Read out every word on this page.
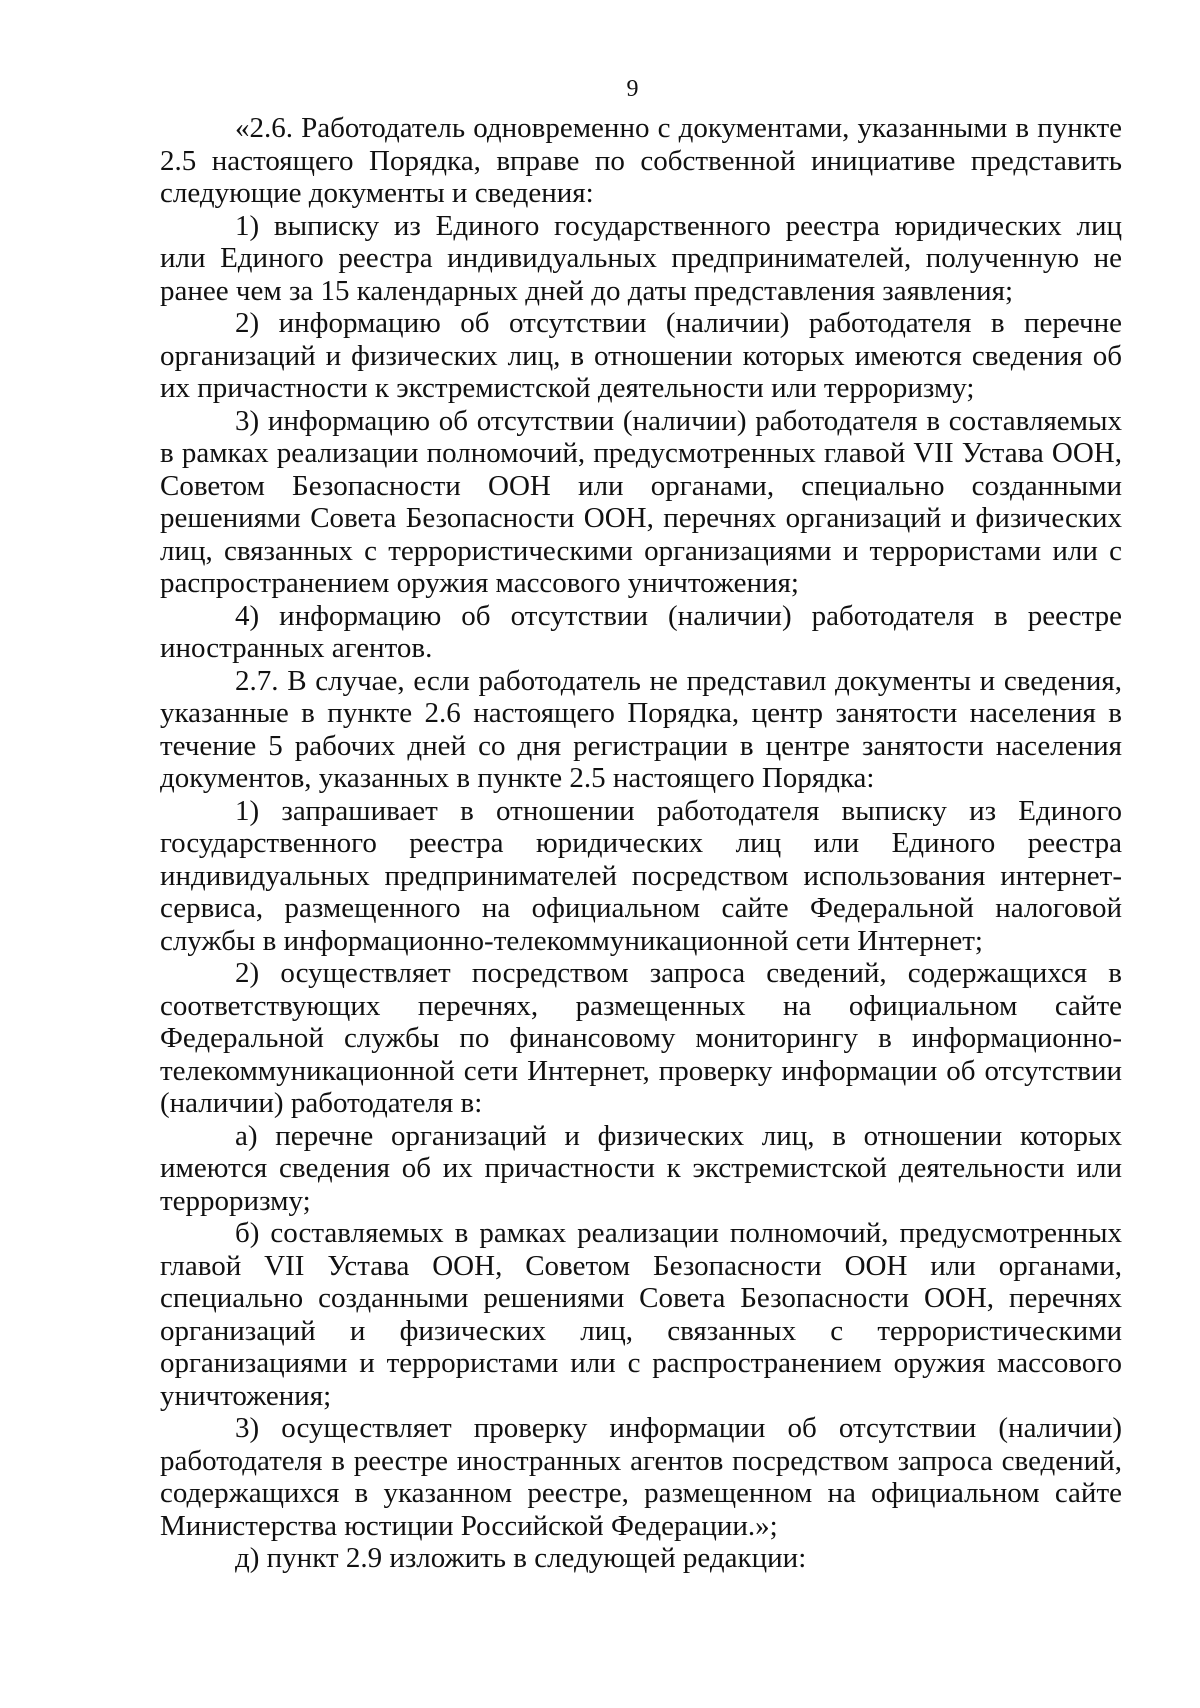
9

«2.6. Работодатель одновременно с документами, указанными в пункте 2.5 настоящего Порядка, вправе по собственной инициативе представить следующие документы и сведения:

1) выписку из Единого государственного реестра юридических лиц или Единого реестра индивидуальных предпринимателей, полученную не ранее чем за 15 календарных дней до даты представления заявления;

2) информацию об отсутствии (наличии) работодателя в перечне организаций и физических лиц, в отношении которых имеются сведения об их причастности к экстремистской деятельности или терроризму;

3) информацию об отсутствии (наличии) работодателя в составляемых в рамках реализации полномочий, предусмотренных главой VII Устава ООН, Советом Безопасности ООН или органами, специально созданными решениями Совета Безопасности ООН, перечнях организаций и физических лиц, связанных с террористическими организациями и террористами или с распространением оружия массового уничтожения;

4) информацию об отсутствии (наличии) работодателя в реестре иностранных агентов.

2.7. В случае, если работодатель не представил документы и сведения, указанные в пункте 2.6 настоящего Порядка, центр занятости населения в течение 5 рабочих дней со дня регистрации в центре занятости населения документов, указанных в пункте 2.5 настоящего Порядка:

1) запрашивает в отношении работодателя выписку из Единого государственного реестра юридических лиц или Единого реестра индивидуальных предпринимателей посредством использования интернет-сервиса, размещенного на официальном сайте Федеральной налоговой службы в информационно-телекоммуникационной сети Интернет;

2) осуществляет посредством запроса сведений, содержащихся в соответствующих перечнях, размещенных на официальном сайте Федеральной службы по финансовому мониторингу в информационно-телекоммуникационной сети Интернет, проверку информации об отсутствии (наличии) работодателя в:

а) перечне организаций и физических лиц, в отношении которых имеются сведения об их причастности к экстремистской деятельности или терроризму;

б) составляемых в рамках реализации полномочий, предусмотренных главой VII Устава ООН, Советом Безопасности ООН или органами, специально созданными решениями Совета Безопасности ООН, перечнях организаций и физических лиц, связанных с террористическими организациями и террористами или с распространением оружия массового уничтожения;

3) осуществляет проверку информации об отсутствии (наличии) работодателя в реестре иностранных агентов посредством запроса сведений, содержащихся в указанном реестре, размещенном на официальном сайте Министерства юстиции Российской Федерации.»;

д) пункт 2.9 изложить в следующей редакции:
